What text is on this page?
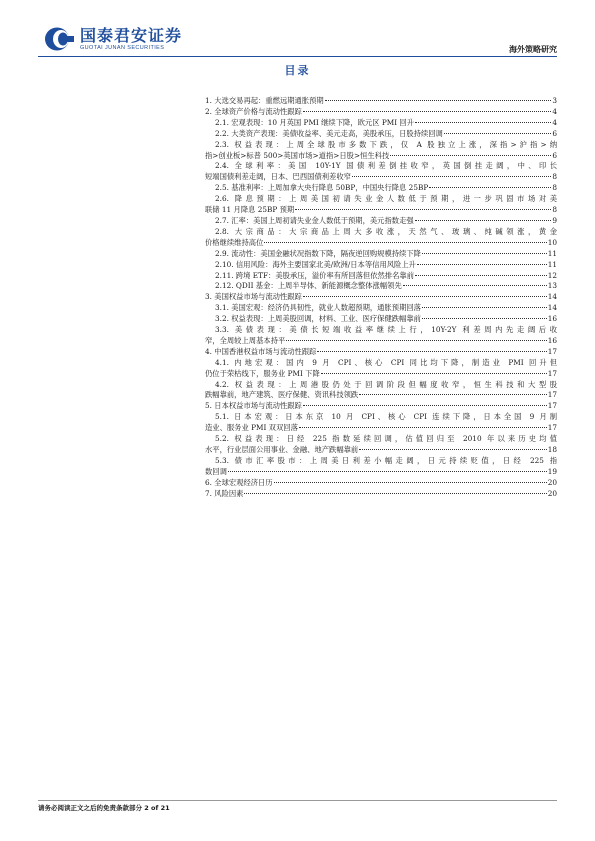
国泰君安证券
GUOTAI JUNAN SECURITIES	海外策略研究
目录
1. 大选交易再起：重燃远期通胀预期	3
2. 全球资产价格与流动性跟踪	4
2.1. 宏观表现：10 月英国 PMI 继续下降，欧元区 PMI 回升	4
2.2. 大类资产表现：美债收益率、美元走高，美股承压，日股持续回调	6
2.3. 权益表现：上周全球股市多数下跌，仅 A 股独立上涨，深指>沪指>纳
指>创业板>标普 500>英国市场>道指>日股>恒生科技	6
2.4. 全球利率：美国 10Y-1Y 国债利差倒挂收窄，英国倒挂走阔，中、印长
短端国债利差走阔，日本、巴西国债利差收窄	8
2.5. 基准利率：上周加拿大央行降息 50BP，中国央行降息 25BP	8
2.6. 降息预期：上周美国初请失业金人数低于预期，进一步巩固市场对美
联储 11 月降息 25BP 预期	8
2.7. 汇率：美国上周初请失业金人数低于预期，美元指数走强	9
2.8. 大宗商品：大宗商品上周大多收涨，天然气、玻璃、纯碱领涨，黄金
价格继续维持高位	10
2.9. 流动性：美国金融状况指数下降，隔夜逆回购规模持续下降	11
2.10. 信用风险：海外主要国家北美/欧洲/日本等信用风险上升	11
2.11. 跨境 ETF：美股承压，溢价率有所回落但依然排名靠前	12
2.12. QDII 基金：上周半导体、新能源概念整体涨幅领先	13
3. 美国权益市场与流动性跟踪	14
3.1. 美国宏观：经济仍具韧性，就业人数超预期，通胀预期回落	14
3.2. 权益表现：上周美股回调，材料、工业、医疗保健跌幅靠前	16
3.3. 美债表现：美债长短端收益率继续上行，10Y-2Y 利差周内先走阔后收
窄，全周较上周基本持平	16
4. 中国香港权益市场与流动性跟踪	17
4.1. 内地宏观：国内 9 月 CPI、核心 CPI 同比均下降，制造业 PMI 回升但
仍位于荣枯线下，服务业 PMI 下降	17
4.2. 权益表现：上周港股仍处于回调阶段但幅度收窄，恒生科技和大型股
跌幅靠前，地产建筑、医疗保健、资讯科技领跌	17
5. 日本权益市场与流动性跟踪	17
5.1. 日本宏观：日本东京 10 月 CPI、核心 CPI 连续下降，日本全国 9 月制
造业、服务业 PMI 双双回落	17
5.2. 权益表现：日经 225 指数延续回调，估值回归至 2010 年以来历史均值
水平，行业层面公用事业、金融、地产跌幅靠前	18
5.3. 债市汇率股市：上周美日利差小幅走阔，日元持续贬值，日经 225 指
数回调	19
6. 全球宏观经济日历	20
7. 风险因素	20
请务必阅读正文之后的免责条款部分 2 of 21
